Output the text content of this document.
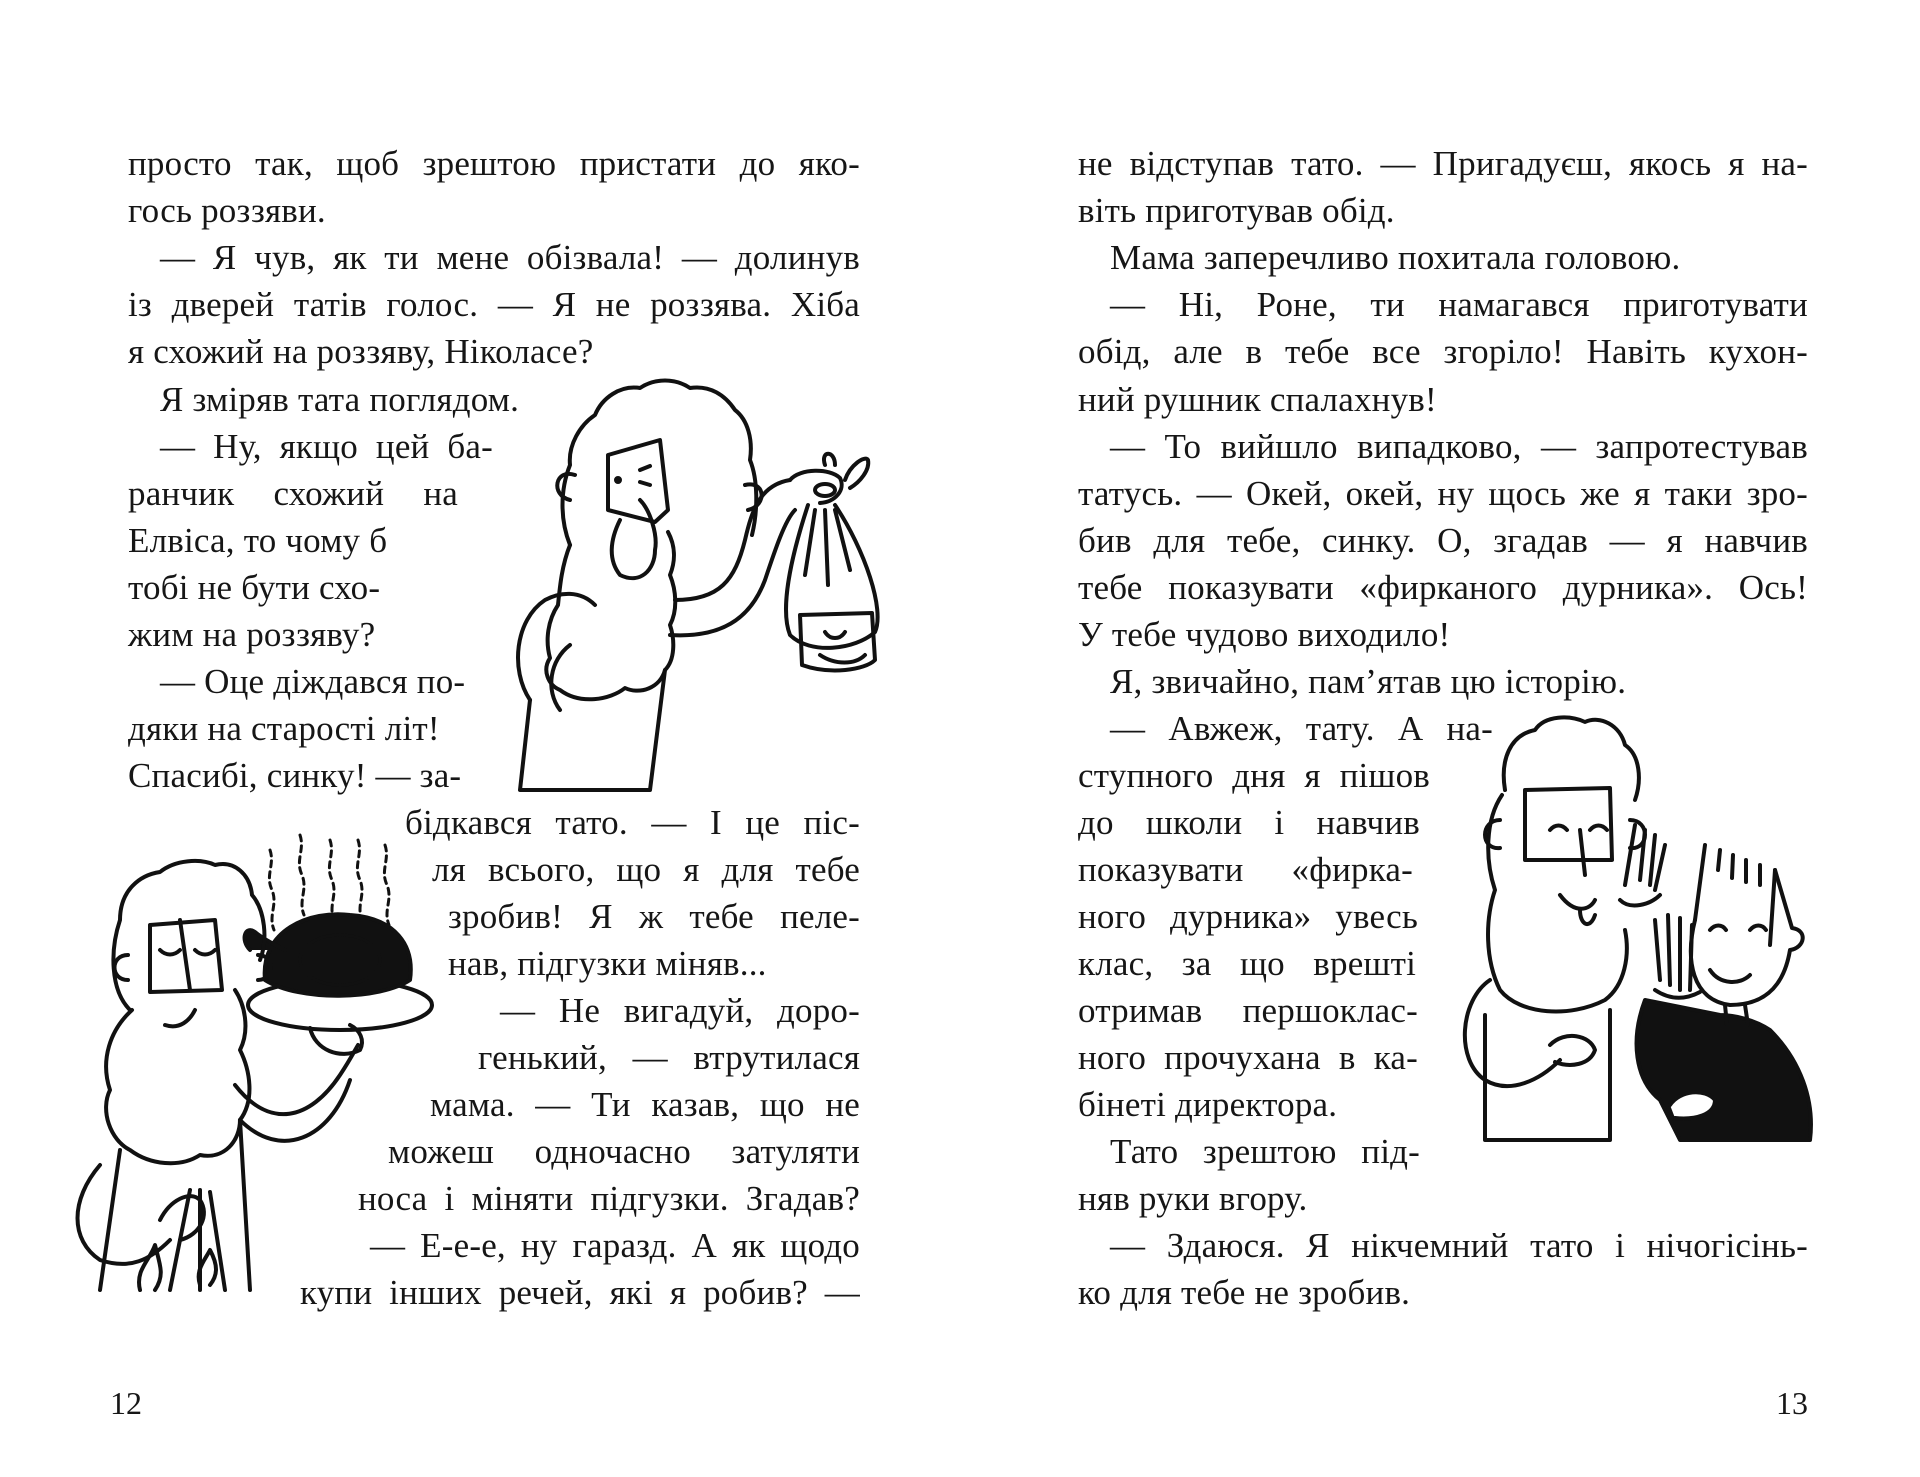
просто так, щоб зрештою пристати до яко-
гось роззяви.
— Я чув, як ти мене обізвала! — долинув
із дверей татів голос. — Я не роззява. Хіба
я схожий на роззяву, Ніколасе?
Я зміряв тата поглядом.
— Ну, якщо цей ба-
ранчик схожий на
Елвіса, то чому б
тобі не бути схо-
жим на роззяву?
— Оце діждався по-
дяки на старості літ!
Спасибі, синку! — за-
бідкався тато. — І це піс-
ля всього, що я для тебе
зробив! Я ж тебе пеле-
нав, підгузки міняв...
— Не вигадуй, доро-
генький, — втрутилася
мама. — Ти казав, що не
можеш одночасно затуляти
носа і міняти підгузки. Згадав?
— Е-е-е, ну гаразд. А як щодо
купи інших речей, які я робив? —
не відступав тато. — Пригадуєш, якось я на-
віть приготував обід.
Мама заперечливо похитала головою.
— Ні, Роне, ти намагався приготувати
обід, але в тебе все згоріло! Навіть кухон-
ний рушник спалахнув!
— То вийшло випадково, — запротестував
татусь. — Окей, окей, ну щось же я таки зро-
бив для тебе, синку. О, згадав — я навчив
тебе показувати «фирканого дурника». Ось!
У тебе чудово виходило!
Я, звичайно, пам’ятав цю історію.
— Авжеж, тату. А на-
ступного дня я пішов
до школи і навчив
показувати «фирка-
ного дурника» увесь
клас, за що врешті
отримав першоклас-
ного прочухана в ка-
бінеті директора.
Тато зрештою під-
няв руки вгору.
— Здаюся. Я нікчемний тато і нічогісінь-
ко для тебе не зробив.
12	13
